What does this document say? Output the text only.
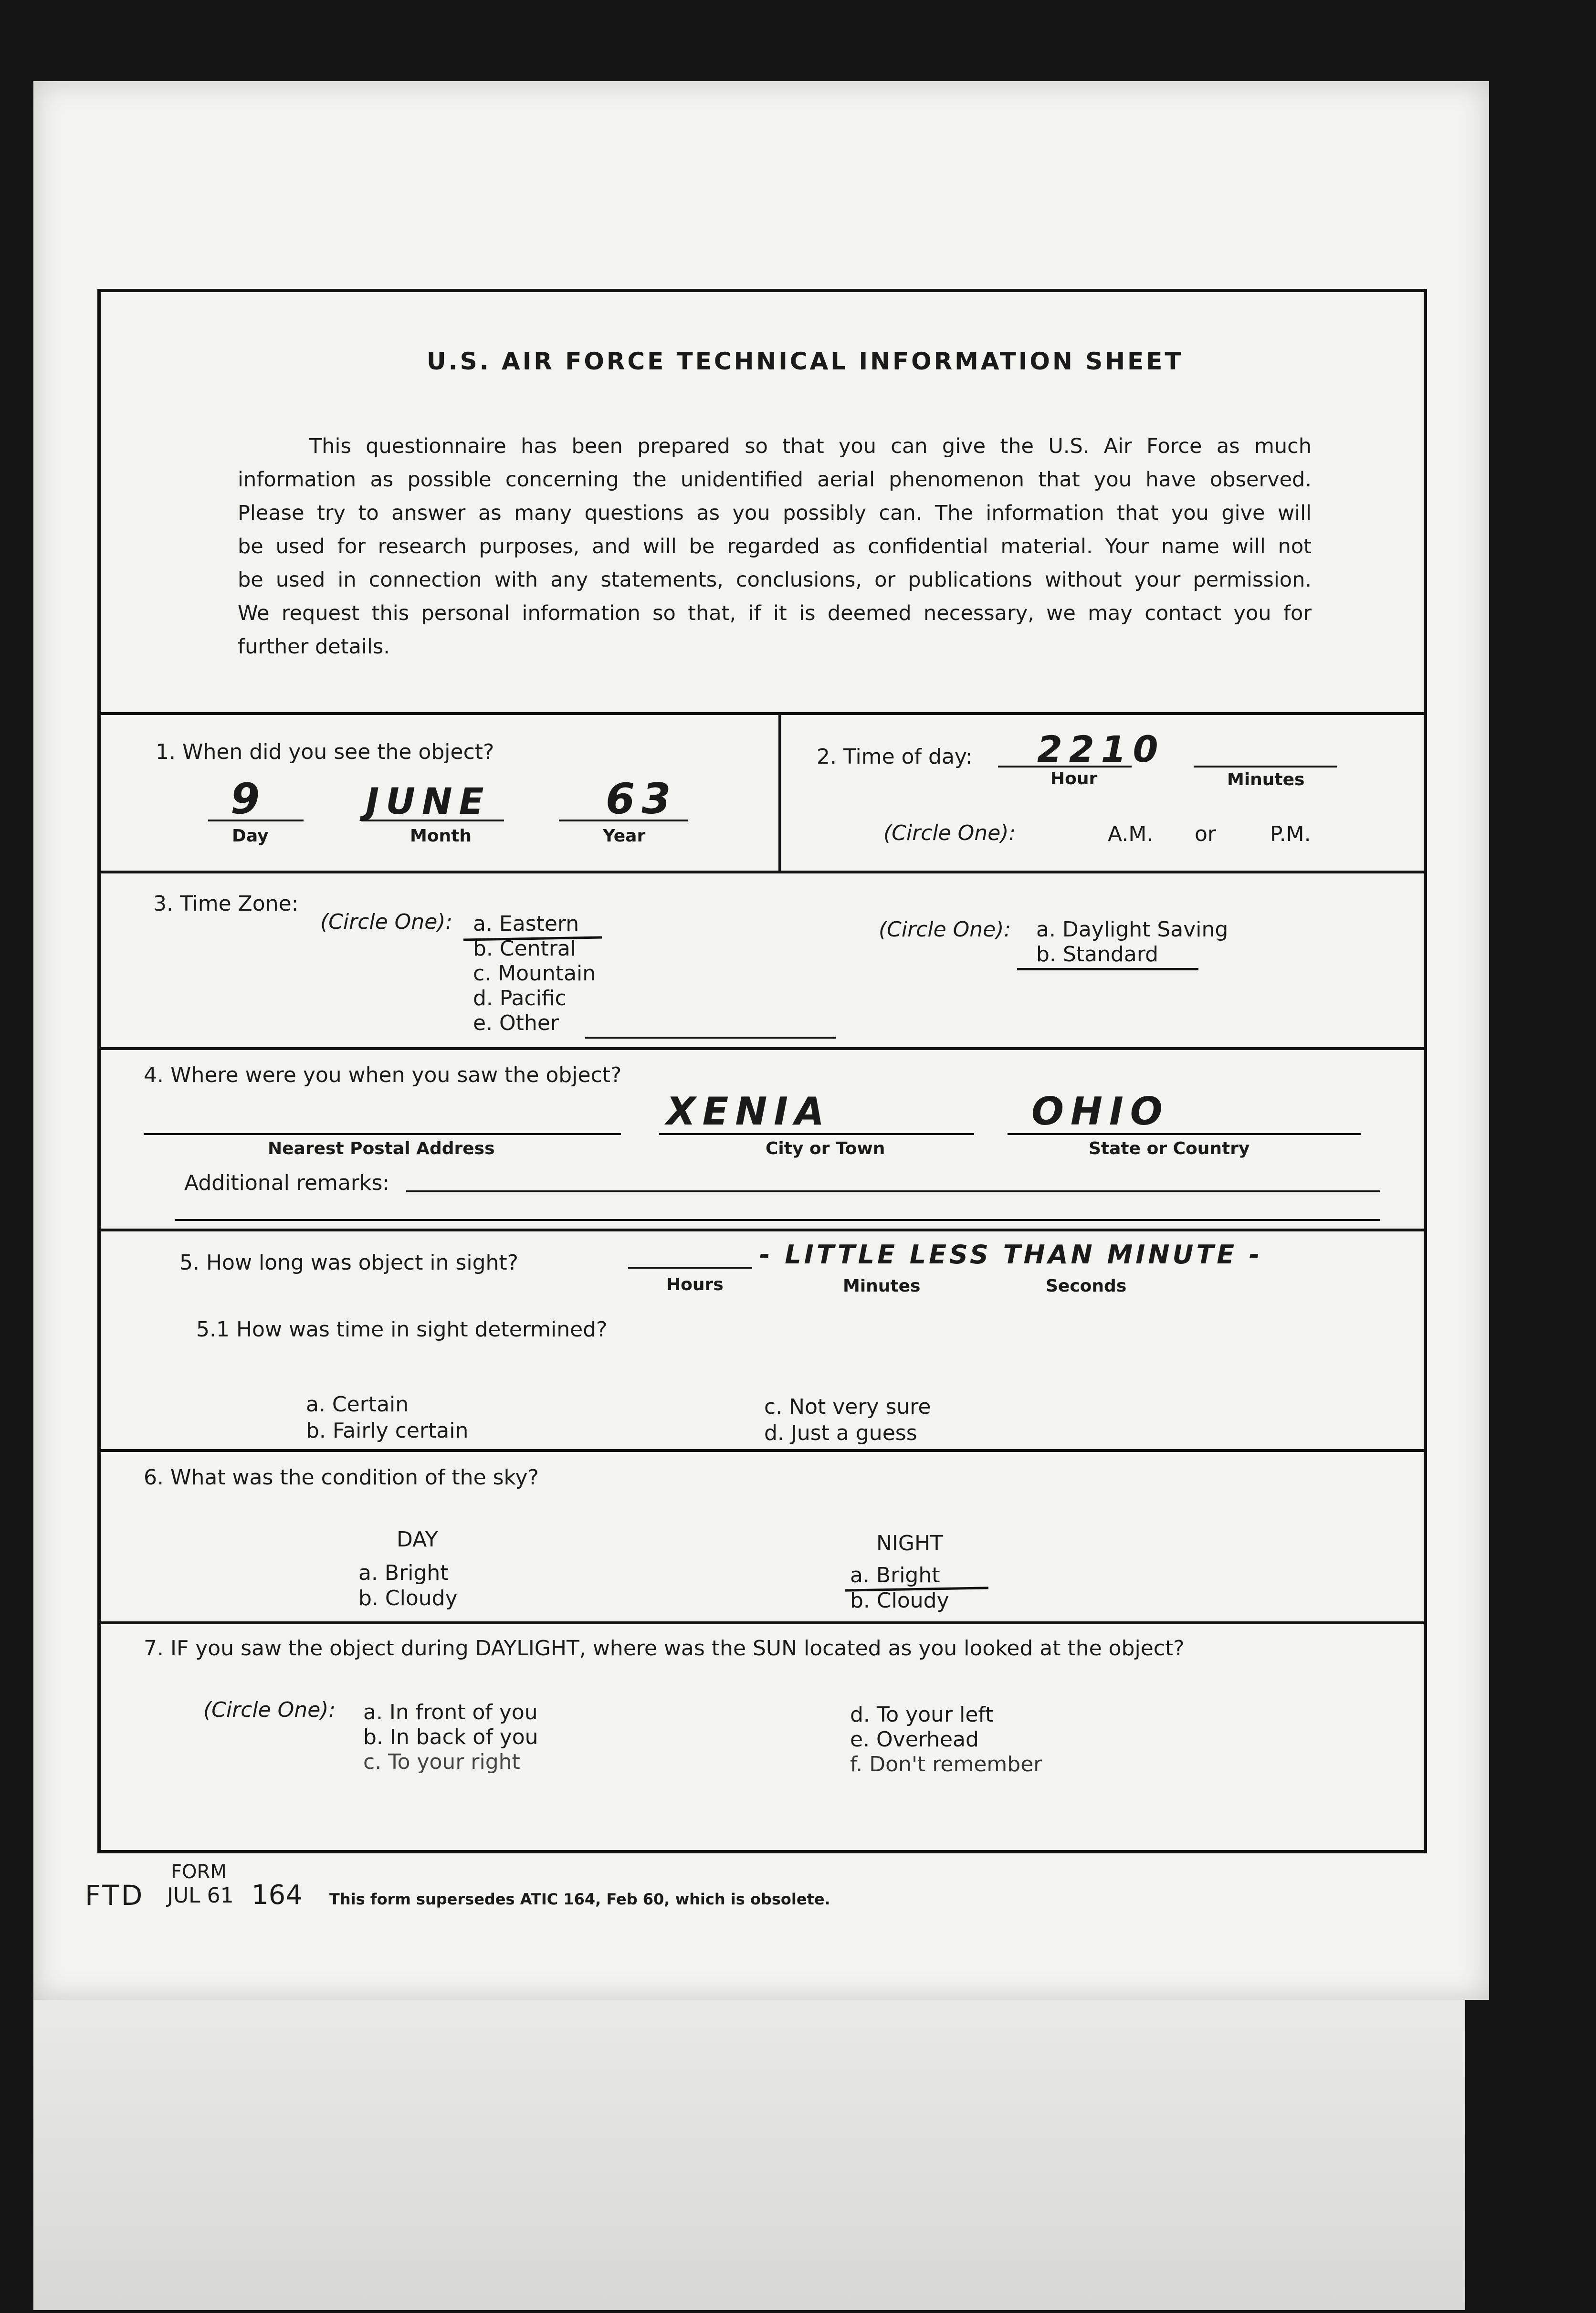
U.S. AIR FORCE TECHNICAL INFORMATION SHEET
This questionnaire has been prepared so that you can give the U.S. Air Force as much
information as possible concerning the unidentified aerial phenomenon that you have observed.
Please try to answer as many questions as you possibly can. The information that you give will
be used for research purposes, and will be regarded as confidential material. Your name will not
be used in connection with any statements, conclusions, or publications without your permission.
We request this personal information so that, if it is deemed necessary, we may contact you for
further details.
1. When did you see the object?
9
Day
JUNE
Month
63
Year
2. Time of day: 2210
Hour	Minutes
(Circle One):	A.M. or	P.M.
3. Time Zone:
(Circle One): a. Eastern
b. Central
c. Mountain
d. Pacific
e. Other
(Circle One): a. Daylight Saving
b. Standard
4. Where were you when you saw the object?
Nearest Postal Address
XENIA
City or Town
OHIO
State or Country
Additional remarks:
5. How long was object in sight?	- LITTLE LESS THAN MINUTE -
Hours	Minutes	Seconds
5.1 How was time in sight determined?
a. Certain
b. Fairly certain
c. Not very sure
d. Just a guess
6. What was the condition of the sky?
DAY
a. Bright
b. Cloudy
NIGHT
a. Bright
b. Cloudy
7. IF you saw the object during DAYLIGHT, where was the SUN located as you looked at the object?
(Circle One): a. In front of you
b. In back of you
c. To your right
d. To your left
e. Overhead
f. Don't remember
FORM
FTD JUL 61 164 This form supersedes ATIC 164, Feb 60, which is obsolete.
